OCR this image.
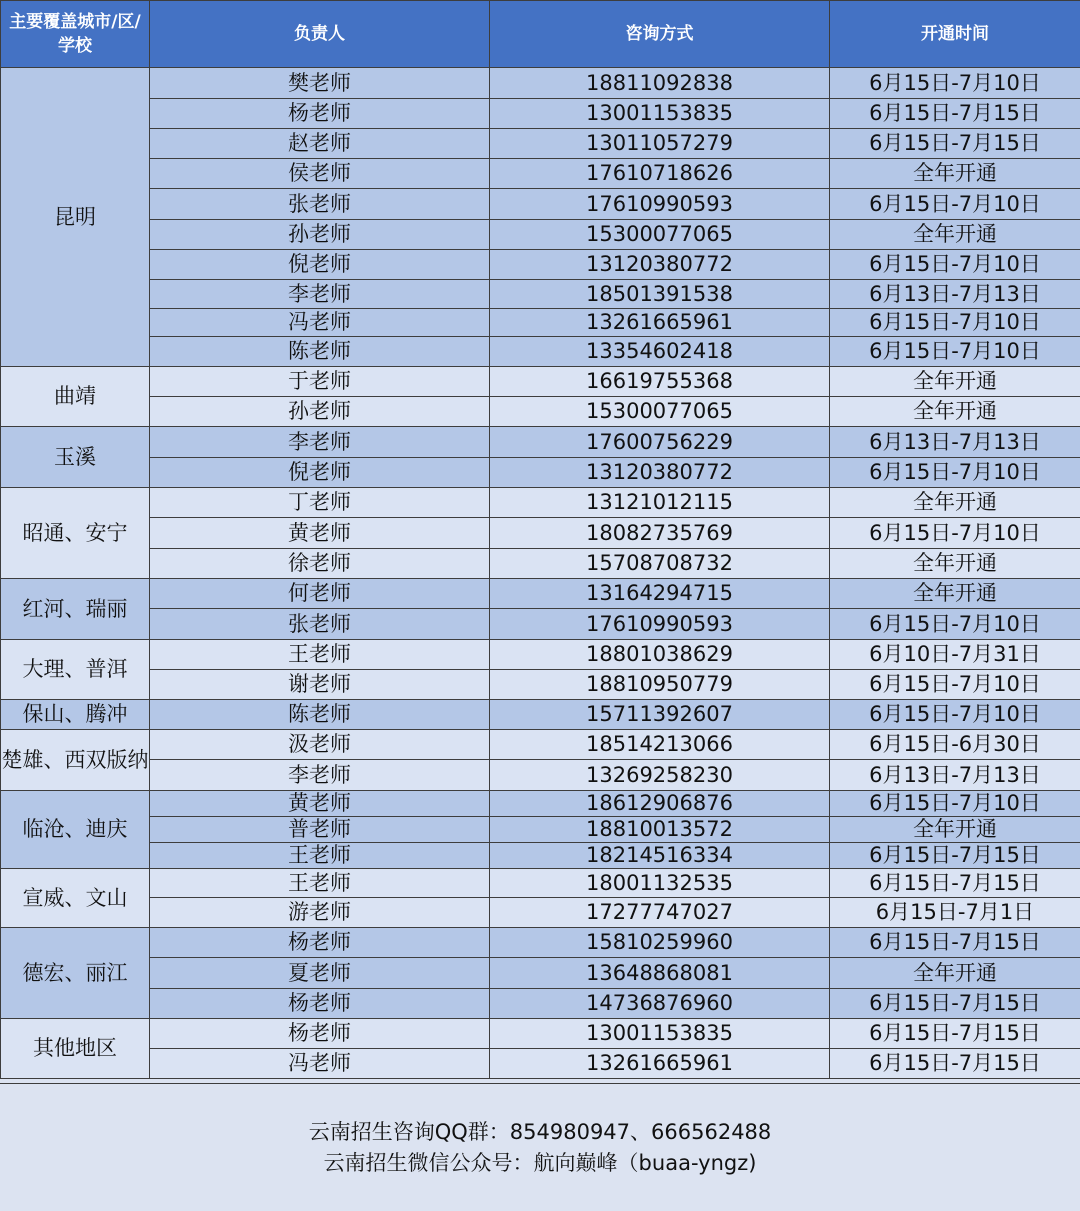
主要覆盖城市/区/学校	负责人	咨询方式	开通时间
昆明	樊老师	18811092838	6月15日-7月10日
	杨老师	13001153835	6月15日-7月15日
	赵老师	13011057279	6月15日-7月15日
	侯老师	17610718626	全年开通
	张老师	17610990593	6月15日-7月10日
	孙老师	15300077065	全年开通
	倪老师	13120380772	6月15日-7月10日
	李老师	18501391538	6月13日-7月13日
	冯老师	13261665961	6月15日-7月10日
	陈老师	13354602418	6月15日-7月10日
曲靖	于老师	16619755368	全年开通
	孙老师	15300077065	全年开通
玉溪	李老师	17600756229	6月13日-7月13日
	倪老师	13120380772	6月15日-7月10日
昭通、安宁	丁老师	13121012115	全年开通
	黄老师	18082735769	6月15日-7月10日
	徐老师	15708708732	全年开通
红河、瑞丽	何老师	13164294715	全年开通
	张老师	17610990593	6月15日-7月10日
大理、普洱	王老师	18801038629	6月10日-7月31日
	谢老师	18810950779	6月15日-7月10日
保山、腾冲	陈老师	15711392607	6月15日-7月10日
楚雄、西双版纳	汲老师	18514213066	6月15日-6月30日
	李老师	13269258230	6月13日-7月13日
临沧、迪庆	黄老师	18612906876	6月15日-7月10日
	普老师	18810013572	全年开通
	王老师	18214516334	6月15日-7月15日
宣威、文山	王老师	18001132535	6月15日-7月15日
	游老师	17277747027	6月15日-7月1日
德宏、丽江	杨老师	15810259960	6月15日-7月15日
	夏老师	13648868081	全年开通
	杨老师	14736876960	6月15日-7月15日
其他地区	杨老师	13001153835	6月15日-7月15日
	冯老师	13261665961	6月15日-7月15日
云南招生咨询QQ群：854980947、666562488
云南招生微信公众号：航向巅峰（buaa-yngz)
